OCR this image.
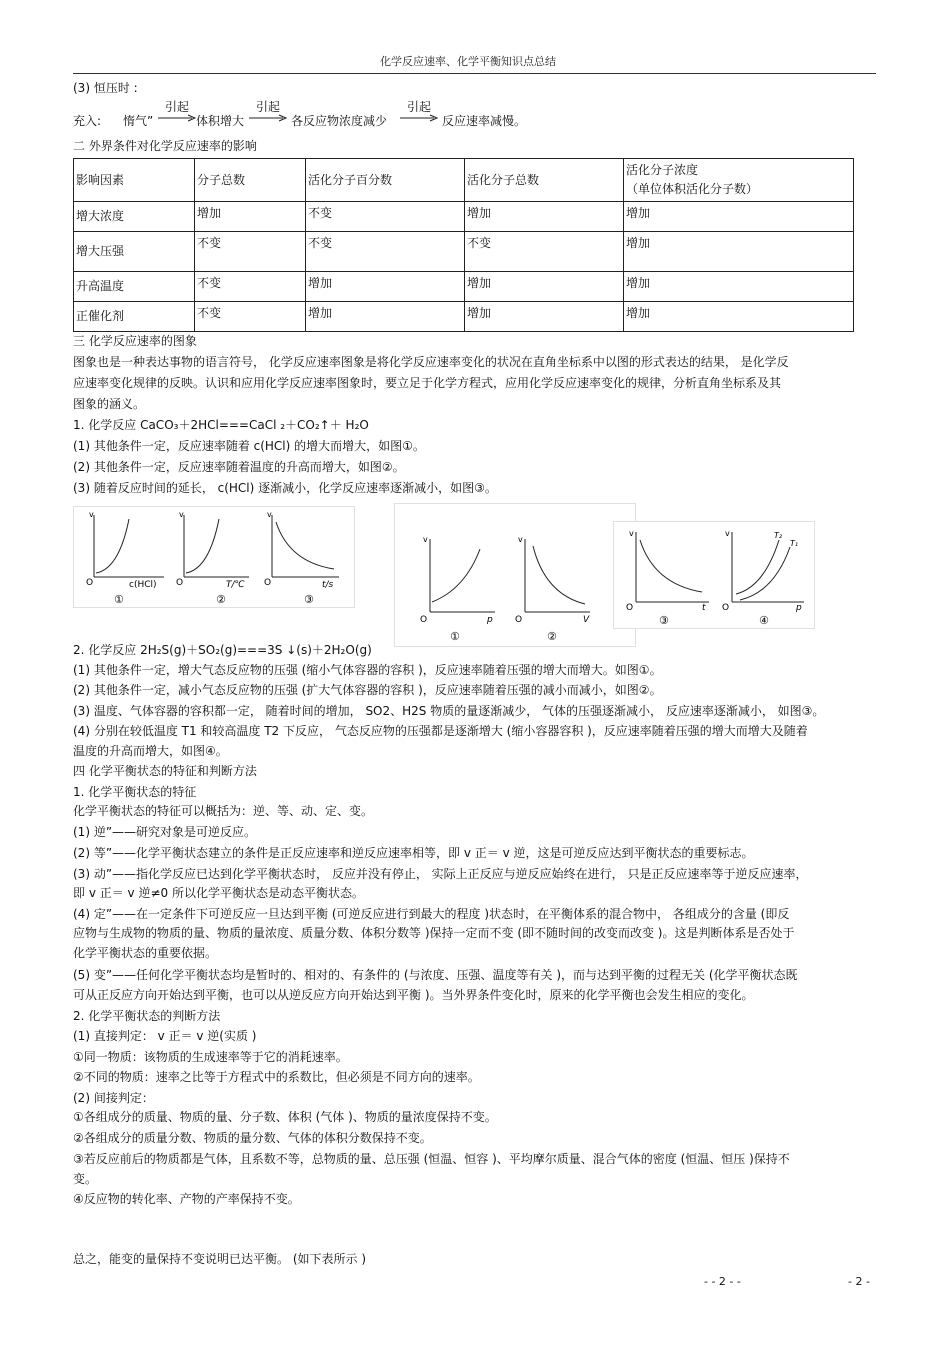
化学反应速率、化学平衡知识点总结
(3) 恒压时 :
充入: 惰气”
引起
体积增大
引起
各反应物浓度减少
引起
反应速率减慢。
二 外界条件对化学反应速率的影响
影响因素	分子总数	活化分子百分数	活化分子总数	活化分子浓度
（单位体积活化分子数）

增大浓度	增加	不变	增加	增加
增大压强	不变	不变	不变	增加
升高温度	不变	增加	增加	增加
正催化剂	不变	增加	增加	增加
三 化学反应速率的图象
图象也是一种表达事物的语言符号， 化学反应速率图象是将化学反应速率变化的状况在直角坐标系中以图的形式表达的结果， 是化学反
应速率变化规律的反映。认识和应用化学反应速率图象时，要立足于化学方程式，应用化学反应速率变化的规律，分析直角坐标系及其
图象的涵义。
1. 化学反应 CaCO₃＋2HCl===CaCl ₂＋CO₂↑＋ H₂O
(1) 其他条件一定，反应速率随着 c(HCl) 的增大而增大，如图①。
(2) 其他条件一定，反应速率随着温度的升高而增大，如图②。
(3) 随着反应时间的延长， c(HCl) 逐渐减小，化学反应速率逐渐减小，如图③。
v
O	c(HCl)
①
v
O	T/℃
②
v
O	t/s
③
v
O	p
①
v
O	V
②
v
O	t
③
v
O
T₂
T₁
p
④
2. 化学反应 2H₂S(g)＋SO₂(g)===3S ↓(s)＋2H₂O(g)
(1) 其他条件一定，增大气态反应物的压强 (缩小气体容器的容积 )，反应速率随着压强的增大而增大。如图①。
(2) 其他条件一定，减小气态反应物的压强 (扩大气体容器的容积 )，反应速率随着压强的减小而减小，如图②。
(3) 温度、气体容器的容积都一定， 随着时间的增加， SO2、H2S 物质的量逐渐减少， 气体的压强逐渐减小， 反应速率逐渐减小， 如图③。
(4) 分别在较低温度 T1 和较高温度 T2 下反应， 气态反应物的压强都是逐渐增大 (缩小容器容积 )，反应速率随着压强的增大而增大及随着
温度的升高而增大，如图④。
四 化学平衡状态的特征和判断方法
1. 化学平衡状态的特征
化学平衡状态的特征可以概括为：逆、等、动、定、变。
(1) 逆”——研究对象是可逆反应。
(2) 等”——化学平衡状态建立的条件是正反应速率和逆反应速率相等，即 v 正＝ v 逆，这是可逆反应达到平衡状态的重要标志。
(3) 动”——指化学反应已达到化学平衡状态时， 反应并没有停止， 实际上正反应与逆反应始终在进行， 只是正反应速率等于逆反应速率，
即 v 正＝ v 逆≠0 所以化学平衡状态是动态平衡状态。
(4) 定”——在一定条件下可逆反应一旦达到平衡 (可逆反应进行到最大的程度 )状态时，在平衡体系的混合物中， 各组成分的含量 (即反
应物与生成物的物质的量、物质的量浓度、质量分数、体积分数等 )保持一定而不变 (即不随时间的改变而改变 )。这是判断体系是否处于
化学平衡状态的重要依据。
(5) 变”——任何化学平衡状态均是暂时的、相对的、有条件的 (与浓度、压强、温度等有关 )，而与达到平衡的过程无关 (化学平衡状态既
可从正反应方向开始达到平衡，也可以从逆反应方向开始达到平衡 )。当外界条件变化时，原来的化学平衡也会发生相应的变化。
2. 化学平衡状态的判断方法
(1) 直接判定： v 正＝ v 逆(实质 )
①同一物质：该物质的生成速率等于它的消耗速率。
②不同的物质：速率之比等于方程式中的系数比，但必须是不同方向的速率。
(2) 间接判定：
①各组成分的质量、物质的量、分子数、体积 (气体 )、物质的量浓度保持不变。
②各组成分的质量分数、物质的量分数、气体的体积分数保持不变。
③若反应前后的物质都是气体，且系数不等，总物质的量、总压强 (恒温、恒容 )、平均摩尔质量、混合气体的密度 (恒温、恒压 )保持不
变。
④反应物的转化率、产物的产率保持不变。
总之，能变的量保持不变说明已达平衡。 (如下表所示 )
- - 2 - -	- 2 -
